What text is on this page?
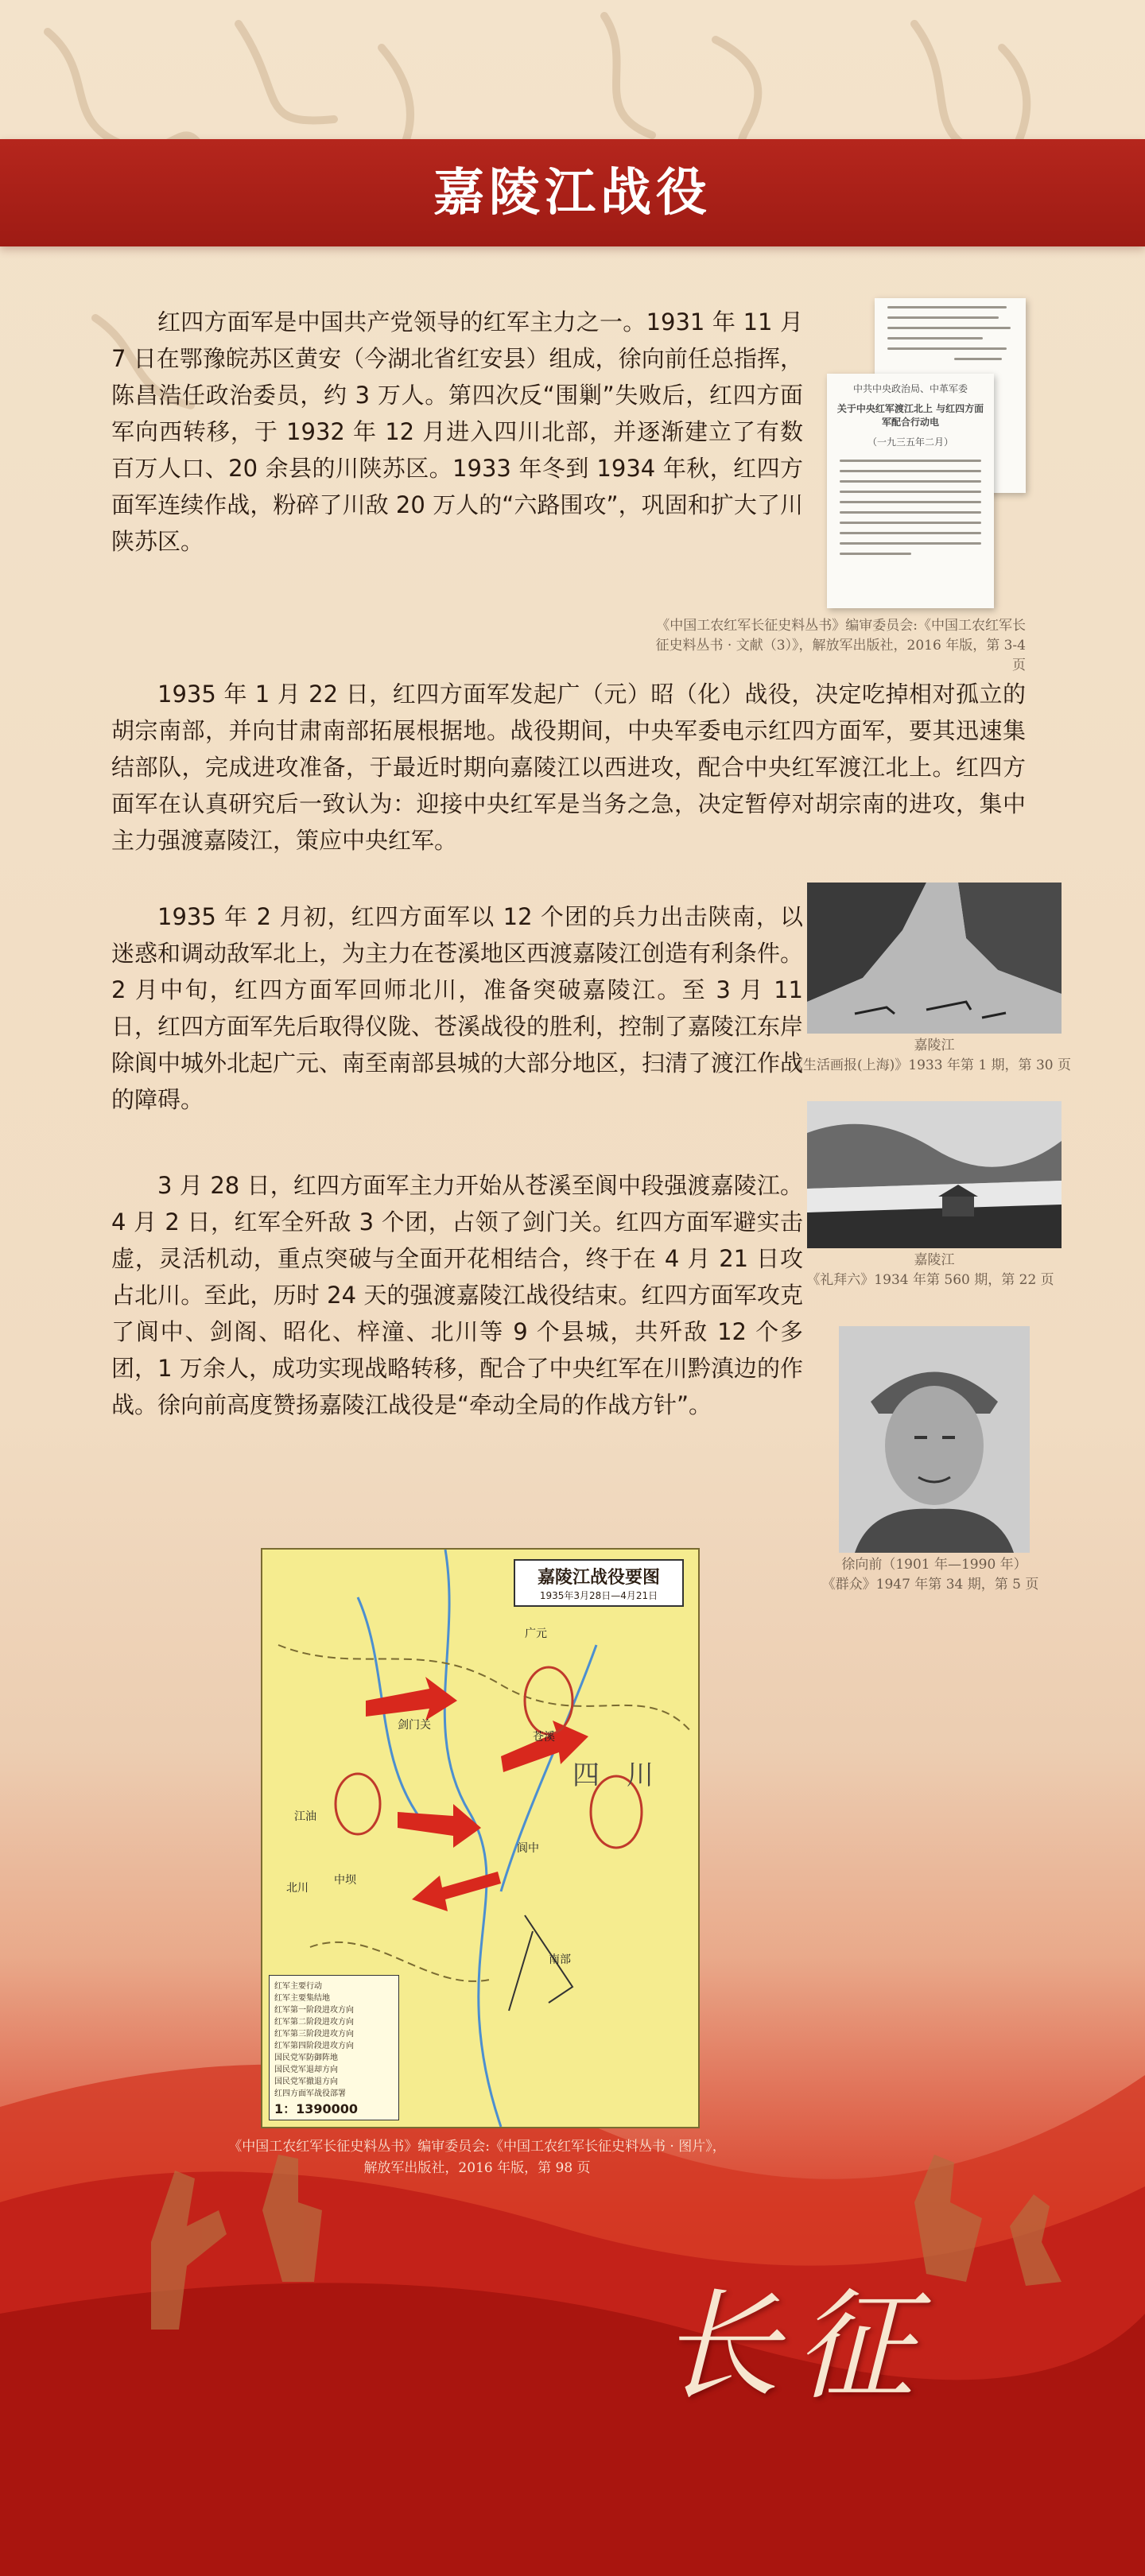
嘉陵江战役

红四方面军是中国共产党领导的红军主力之一。1931 年 11 月 7 日在鄂豫皖苏区黄安（今湖北省红安县）组成，徐向前任总指挥，陈昌浩任政治委员，约 3 万人。第四次反“围剿”失败后，红四方面军向西转移，于 1932 年 12 月进入四川北部，并逐渐建立了有数百万人口、20 余县的川陕苏区。1933 年冬到 1934 年秋，红四方面军连续作战，粉碎了川敌 20 万人的“六路围攻”，巩固和扩大了川陕苏区。

中共中央政治局、中革军委
关于中央红军渡江北上 与红四方面军配合行动电
（一九三五年二月）

《中国工农红军长征史料丛书》编审委员会:《中国工农红军长征史料丛书 · 文献（3）》，解放军出版社，2016 年版，第 3-4 页

1935 年 1 月 22 日，红四方面军发起广（元）昭（化）战役，决定吃掉相对孤立的胡宗南部，并向甘肃南部拓展根据地。战役期间，中央军委电示红四方面军，要其迅速集结部队，完成进攻准备，于最近时期向嘉陵江以西进攻，配合中央红军渡江北上。红四方面军在认真研究后一致认为：迎接中央红军是当务之急，决定暂停对胡宗南的进攻，集中主力强渡嘉陵江，策应中央红军。

1935 年 2 月初，红四方面军以 12 个团的兵力出击陕南，以迷惑和调动敌军北上，为主力在苍溪地区西渡嘉陵江创造有利条件。2 月中旬，红四方面军回师北川，准备突破嘉陵江。至 3 月 11 日，红四方面军先后取得仪陇、苍溪战役的胜利，控制了嘉陵江东岸除阆中城外北起广元、南至南部县城的大部分地区，扫清了渡江作战的障碍。

嘉陵江

《生活画报(上海)》1933 年第 1 期，第 30 页

嘉陵江

《礼拜六》1934 年第 560 期，第 22 页

徐向前（1901 年—1990 年）

《群众》1947 年第 34 期，第 5 页

3 月 28 日，红四方面军主力开始从苍溪至阆中段强渡嘉陵江。4 月 2 日，红军全歼敌 3 个团，占领了剑门关。红四方面军避实击虚，灵活机动，重点突破与全面开花相结合，终于在 4 月 21 日攻占北川。至此，历时 24 天的强渡嘉陵江战役结束。红四方面军攻克了阆中、剑阁、昭化、梓潼、北川等 9 个县城，共歼敌 12 个多团，1 万余人，成功实现战略转移，配合了中央红军在川黔滇边的作战。徐向前高度赞扬嘉陵江战役是“牵动全局的作战方针”。

四　川
广元
剑门关
苍溪
阆中
南部
江油
中坝
北川
嘉陵江战役要图
1935年3月28日—4月21日
红军主要行动
红军主要集结地
红军第一阶段进攻方向
红军第二阶段进攻方向
红军第三阶段进攻方向
红军第四阶段进攻方向
国民党军防御阵地
国民党军退却方向
国民党军撤退方向
红四方面军战役部署
1：1390000

《中国工农红军长征史料丛书》编审委员会:《中国工农红军长征史料丛书 · 图片》，

解放军出版社，2016 年版，第 98 页

长征
